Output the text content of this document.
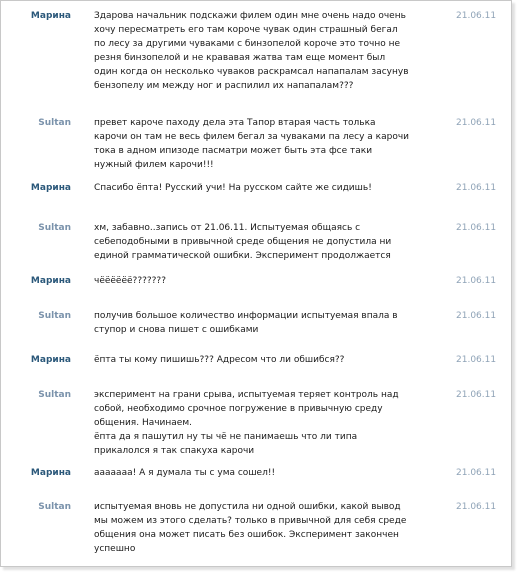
Марина	Здарова начальник подскажи филем один мне очень надо очень
хочу пересматреть его там короче чувак один страшный бегал
по лесу за другими чуваками с бинзопелой короче это точно не
резня бинзопелой и не крававая жатва там еще момент был
один когда он несколько чуваков раскрамсал напапалам засунув
бензопелу им между ног и распилил их напапалам???
21.06.11
Sultan	превет кароче паходу дела эта Тапор втарая часть толька
карочи он там не весь филем бегал за чуваками па лесу а карочи
тока в адном ипизоде пасматри может быть эта фсе таки
нужный филем карочи!!!
21.06.11
Марина	Спасибо ёпта! Русский учи! На русском сайте же сидишь!	21.06.11
Sultan	хм, забавно..запись от 21.06.11. Испытуемая общаясь с
себеподобными в привычной среде общения не допустила ни
единой грамматической ошибки. Эксперимент продолжается
21.06.11
Марина	чёёёёёё???????	21.06.11
Sultan	получив большое количество информации испытуемая впала в
ступор и снова пишет с ошибками
21.06.11
Марина	ёпта ты кому пишишь??? Адресом что ли обшибся??	21.06.11
Sultan	эксперимент на грани срыва, испытуемая теряет контроль над
собой, необходимо срочное погружение в привычную среду
общения. Начинаем.
ёпта да я пашутил ну ты чё не панимаешь что ли типа
прикалолся я так спакуха карочи
21.06.11
Марина	ааааааа! А я думала ты с ума сошел!!	21.06.11
Sultan	испытуемая вновь не допустила ни одной ошибки, какой вывод
мы можем из этого сделать? только в привычной для себя среде
общения она может писать без ошибок. Эксперимент закончен
успешно
21.06.11
